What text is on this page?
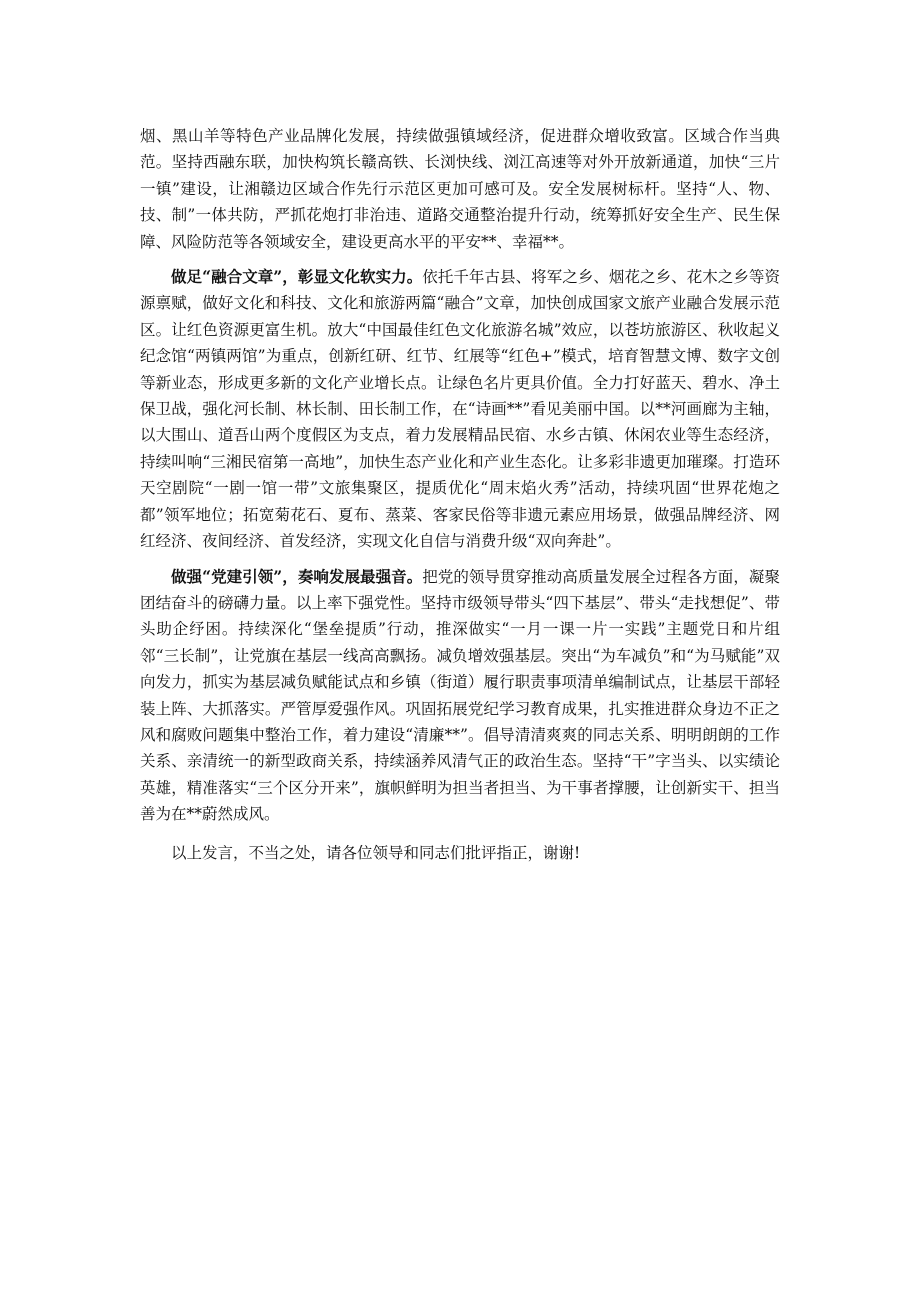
烟、黑山羊等特色产业品牌化发展，持续做强镇域经济，促进群众增收致富。区域合作当典范。坚持西融东联，加快构筑长赣高铁、长浏快线、浏江高速等对外开放新通道，加快“三片一镇”建设，让湘赣边区域合作先行示范区更加可感可及。安全发展树标杆。坚持“人、物、技、制”一体共防，严抓花炮打非治违、道路交通整治提升行动，统筹抓好安全生产、民生保障、风险防范等各领域安全，建设更高水平的平安**、幸福**。

做足“融合文章”，彰显文化软实力。依托千年古县、将军之乡、烟花之乡、花木之乡等资源禀赋，做好文化和科技、文化和旅游两篇“融合”文章，加快创成国家文旅产业融合发展示范区。让红色资源更富生机。放大“中国最佳红色文化旅游名城”效应，以苍坊旅游区、秋收起义纪念馆“两镇两馆”为重点，创新红研、红节、红展等“红色+”模式，培育智慧文博、数字文创等新业态，形成更多新的文化产业增长点。让绿色名片更具价值。全力打好蓝天、碧水、净土保卫战，强化河长制、林长制、田长制工作，在“诗画**”看见美丽中国。以**河画廊为主轴，以大围山、道吾山两个度假区为支点，着力发展精品民宿、水乡古镇、休闲农业等生态经济，持续叫响“三湘民宿第一高地”，加快生态产业化和产业生态化。让多彩非遗更加璀璨。打造环天空剧院“一剧一馆一带”文旅集聚区，提质优化“周末焰火秀”活动，持续巩固“世界花炮之都”领军地位；拓宽菊花石、夏布、蒸菜、客家民俗等非遗元素应用场景，做强品牌经济、网红经济、夜间经济、首发经济，实现文化自信与消费升级“双向奔赴”。

做强“党建引领”，奏响发展最强音。把党的领导贯穿推动高质量发展全过程各方面，凝聚团结奋斗的磅礴力量。以上率下强党性。坚持市级领导带头“四下基层”、带头“走找想促”、带头助企纾困。持续深化“堡垒提质”行动，推深做实“一月一课一片一实践”主题党日和片组邻“三长制”，让党旗在基层一线高高飘扬。减负增效强基层。突出“为车减负”和“为马赋能”双向发力，抓实为基层减负赋能试点和乡镇（街道）履行职责事项清单编制试点，让基层干部轻装上阵、大抓落实。严管厚爱强作风。巩固拓展党纪学习教育成果，扎实推进群众身边不正之风和腐败问题集中整治工作，着力建设“清廉**”。倡导清清爽爽的同志关系、明明朗朗的工作关系、亲清统一的新型政商关系，持续涵养风清气正的政治生态。坚持“干”字当头、以实绩论英雄，精准落实“三个区分开来”，旗帜鲜明为担当者担当、为干事者撑腰，让创新实干、担当善为在**蔚然成风。

以上发言，不当之处，请各位领导和同志们批评指正，谢谢!
